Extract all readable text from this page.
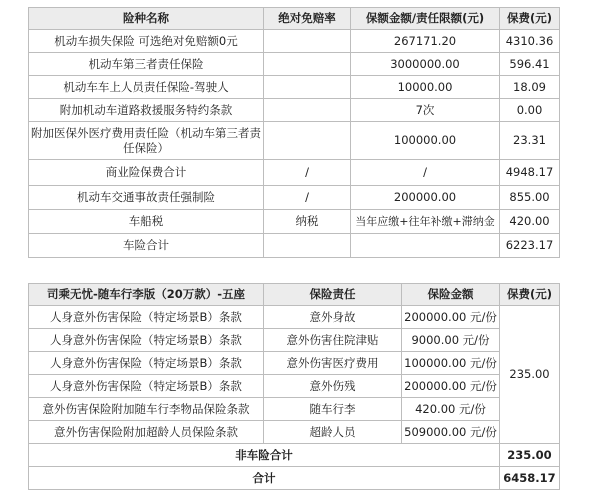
险种名称	绝对免赔率	保额金额/责任限额(元)	保费(元)
机动车损失保险 可选绝对免赔额0元		267171.20	4310.36
机动车第三者责任保险		3000000.00	596.41
机动车车上人员责任保险-驾驶人		10000.00	18.09
附加机动车道路救援服务特约条款		7次	0.00
附加医保外医疗费用责任险（机动车第三者责任保险）		100000.00	23.31
商业险保费合计	/	/	4948.17
机动车交通事故责任强制险	/	200000.00	855.00
车船税	纳税	当年应缴+往年补缴+滞纳金	420.00
车险合计			6223.17
司乘无忧-随车行李版（20万款）-五座	保险责任	保险金额	保费(元)
人身意外伤害保险（特定场景B）条款	意外身故	200000.00 元/份	235.00
人身意外伤害保险（特定场景B）条款	意外伤害住院津贴	9000.00 元/份	
人身意外伤害保险（特定场景B）条款	意外伤害医疗费用	100000.00 元/份	
人身意外伤害保险（特定场景B）条款	意外伤残	200000.00 元/份	
意外伤害保险附加随车行李物品保险条款	随车行李	420.00 元/份	
意外伤害保险附加超龄人员保险条款	超龄人员	509000.00 元/份	
非车险合计			235.00
合计			6458.17
